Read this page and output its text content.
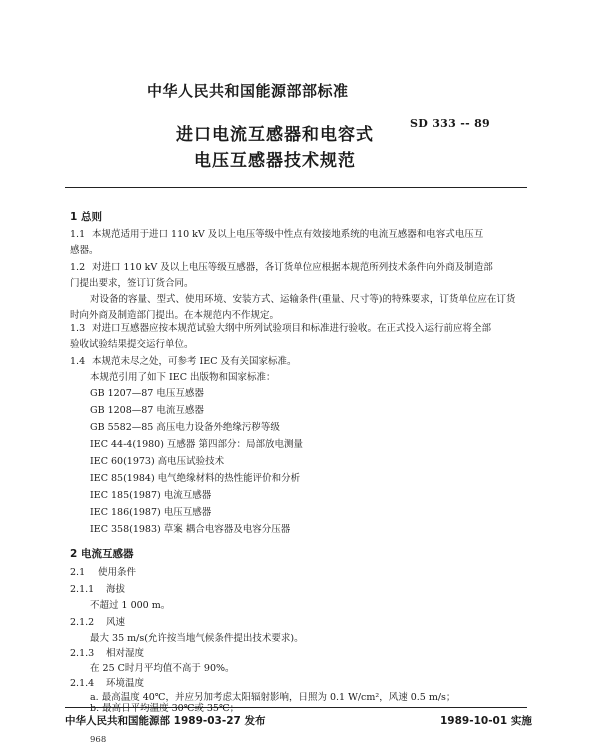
中华人民共和国能源部部标准
SD 333 -- 89
进口电流互感器和电容式
电压互感器技术规范
1 总则
1.1 本规范适用于进口 110 kV 及以上电压等级中性点有效接地系统的电流互感器和电容式电压互
感器。
1.2 对进口 110 kV 及以上电压等级互感器，各订货单位应根据本规范所列技术条件向外商及制造部
门提出要求，签订订货合同。
对设备的容量、型式、使用环境、安装方式、运输条件(重量、尺寸等)的特殊要求，订货单位应在订货
时向外商及制造部门提出。在本规范内不作规定。
1.3 对进口互感器应按本规范试验大纲中所列试验项目和标准进行验收。在正式投入运行前应将全部
验收试验结果提交运行单位。
1.4 本规范未尽之处，可参考 IEC 及有关国家标准。
本规范引用了如下 IEC 出版物和国家标准：
GB 1207—87 电压互感器
GB 1208—87 电流互感器
GB 5582—85 高压电力设备外绝缘污秽等级
IEC 44-4(1980) 互感器 第四部分：局部放电测量
IEC 60(1973) 高电压试验技术
IEC 85(1984) 电气绝缘材料的热性能评价和分析
IEC 185(1987) 电流互感器
IEC 186(1987) 电压互感器
IEC 358(1983) 草案 耦合电容器及电容分压器
2 电流互感器
2.1 使用条件
2.1.1 海拔
不超过 1 000 m。
2.1.2 风速
最大 35 m/s(允许按当地气候条件提出技术要求)。
2.1.3 相对湿度
在 25 C时月平均值不高于 90%。
2.1.4 环境温度
a. 最高温度 40℃，并应另加考虑太阳辐射影响，日照为 0.1 W/cm²，风速 0.5 m/s；
b. 最高日平均温度 30℃或 35℃；
中华人民共和国能源部 1989-03-27 发布	1989-10-01 实施
968
